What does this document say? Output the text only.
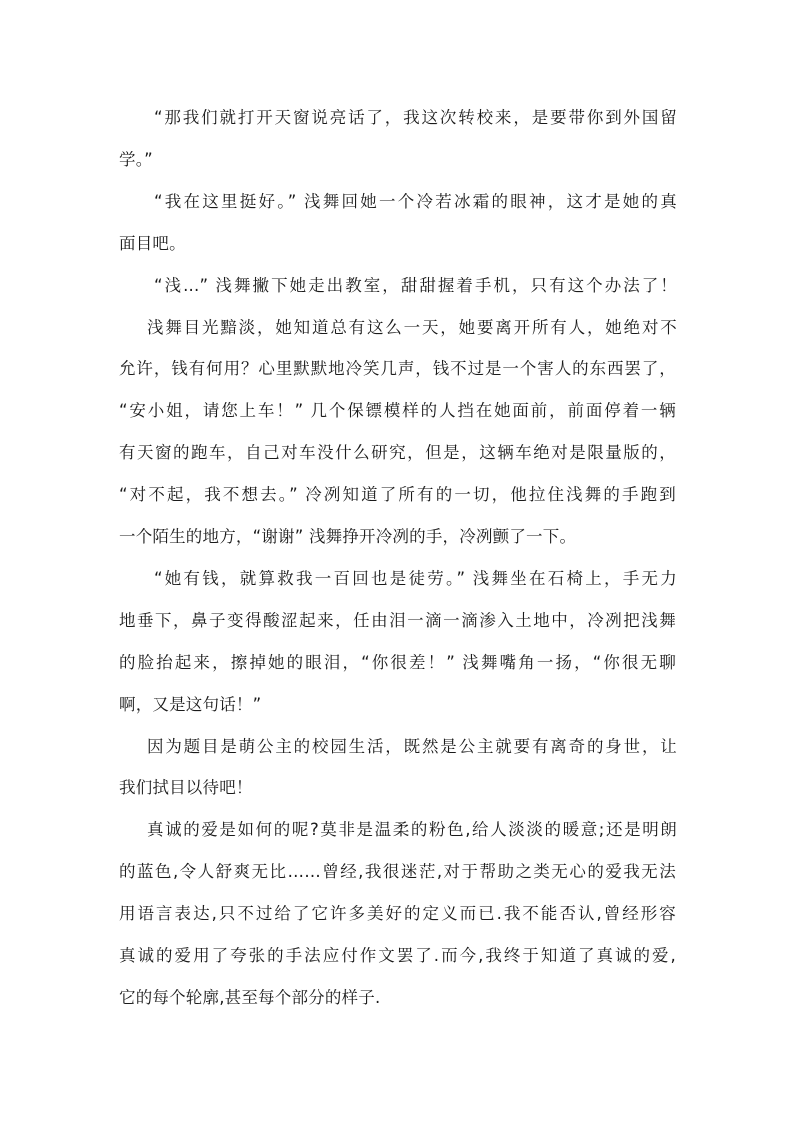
“那我们就打开天窗说亮话了，我这次转校来，是要带你到外国留
学。”
“我在这里挺好。” 浅舞回她一个冷若冰霜的眼神，这才是她的真
面目吧。
“浅...” 浅舞撇下她走出教室，甜甜握着手机，只有这个办法了！
浅舞目光黯淡，她知道总有这么一天，她要离开所有人，她绝对不
允许，钱有何用？心里默默地冷笑几声，钱不过是一个害人的东西罢了，
“安小姐，请您上车！” 几个保镖模样的人挡在她面前，前面停着一辆
有天窗的跑车，自己对车没什么研究，但是，这辆车绝对是限量版的，
“对不起，我不想去。” 冷冽知道了所有的一切，他拉住浅舞的手跑到
一个陌生的地方，“谢谢” 浅舞挣开冷冽的手，冷冽颤了一下。
“她有钱，就算救我一百回也是徒劳。” 浅舞坐在石椅上，手无力
地垂下，鼻子变得酸涩起来，任由泪一滴一滴渗入土地中，冷冽把浅舞
的脸抬起来，擦掉她的眼泪，“你很差！” 浅舞嘴角一扬，“你很无聊
啊，又是这句话！”
因为题目是萌公主的校园生活，既然是公主就要有离奇的身世，让
我们拭目以待吧！
真诚的爱是如何的呢?莫非是温柔的粉色,给人淡淡的暖意;还是明朗
的蓝色,令人舒爽无比……曾经,我很迷茫,对于帮助之类无心的爱我无法
用语言表达,只不过给了它许多美好的定义而已.我不能否认,曾经形容
真诚的爱用了夸张的手法应付作文罢了.而今,我终于知道了真诚的爱,
它的每个轮廓,甚至每个部分的样子.
